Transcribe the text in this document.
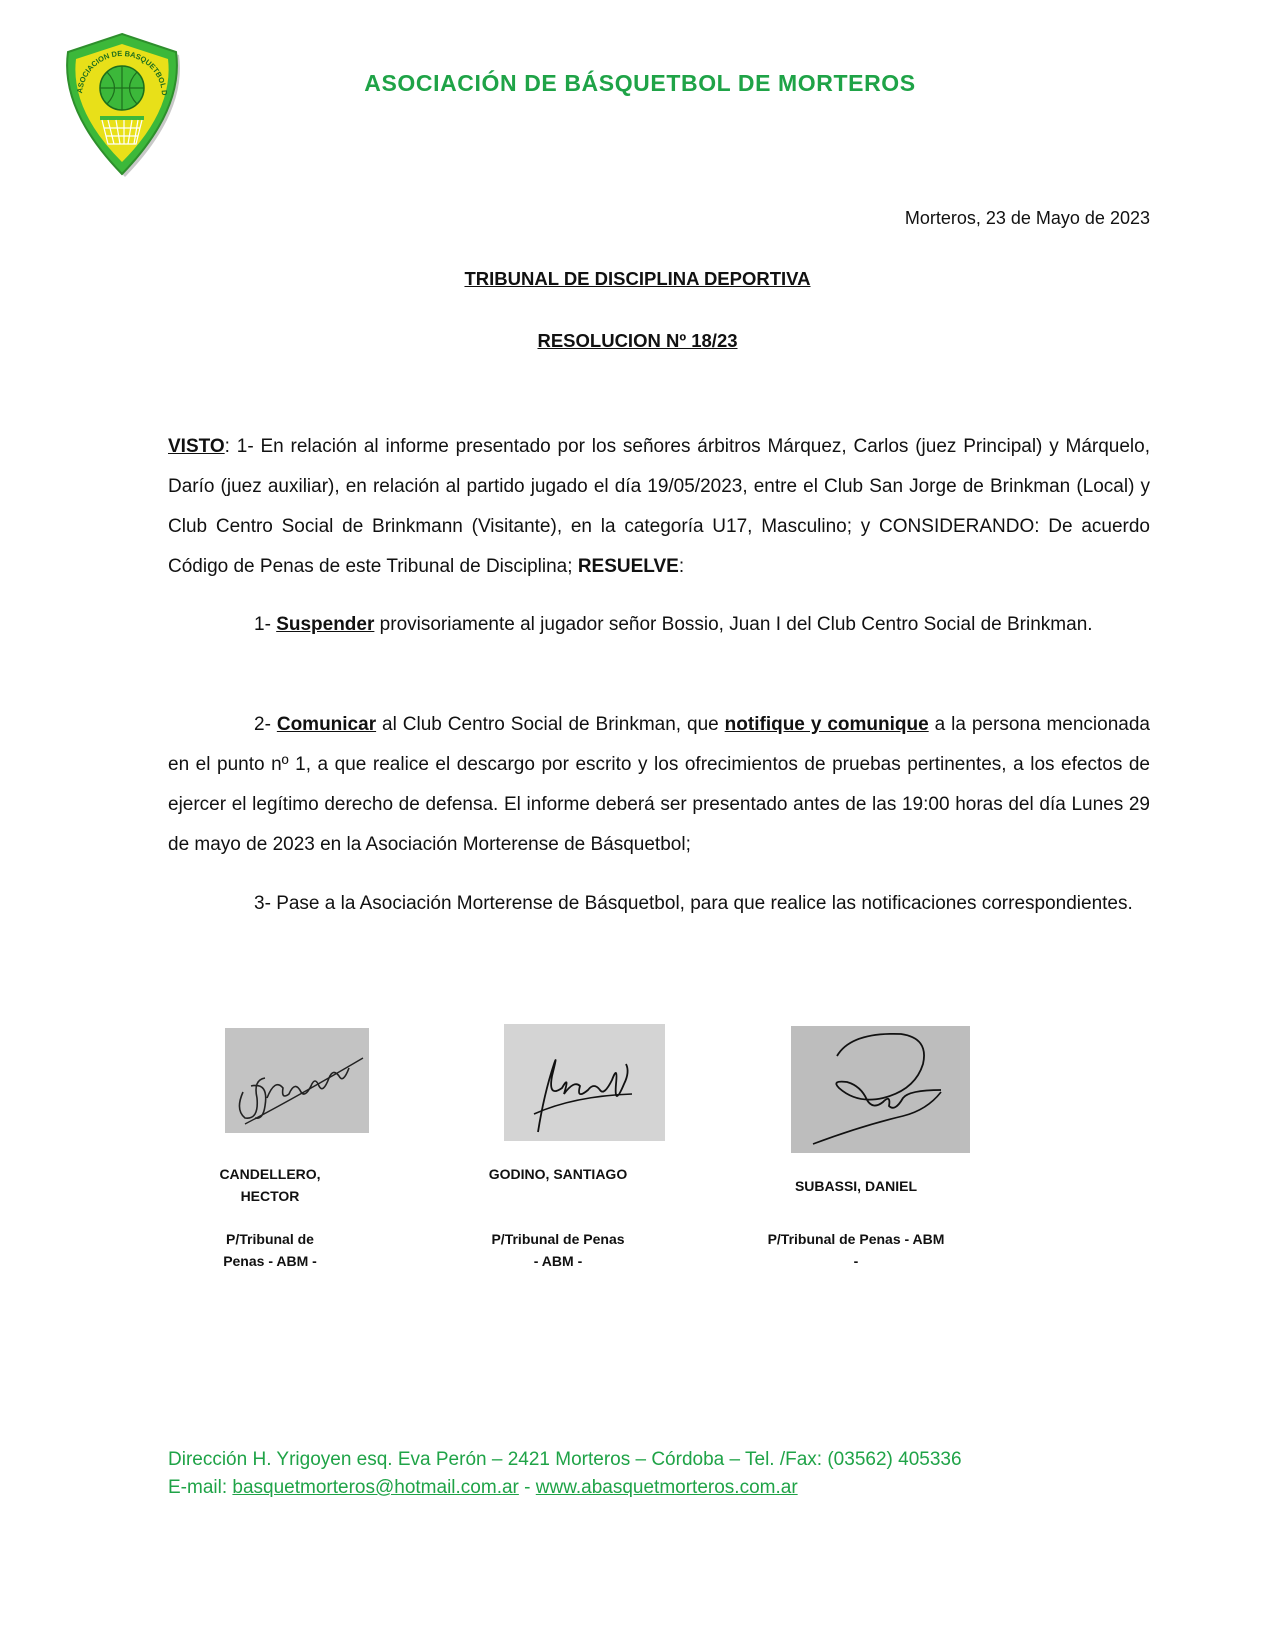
ASOCIACION DE BASQUETBOL D	ASOCIACIÓN DE BÁSQUETBOL DE MORTEROS
Morteros, 23 de Mayo de 2023
TRIBUNAL DE DISCIPLINA DEPORTIVA
RESOLUCION Nº 18/23

VISTO: 1- En relación al informe presentado por los señores árbitros Márquez, Carlos (juez Principal) y Márquelo, Darío (juez auxiliar), en relación al partido jugado el día 19/05/2023, entre el Club San Jorge de Brinkman (Local) y Club Centro Social de Brinkmann (Visitante), en la categoría U17, Masculino; y CONSIDERANDO: De acuerdo Código de Penas de este Tribunal de Disciplina; RESUELVE:

1- Suspender provisoriamente al jugador señor Bossio, Juan I del Club Centro Social de Brinkman.

2- Comunicar al Club Centro Social de Brinkman, que notifique y comunique a la persona mencionada en el punto nº 1, a que realice el descargo por escrito y los ofrecimientos de pruebas pertinentes, a los efectos de ejercer el legítimo derecho de defensa. El informe deberá ser presentado antes de las 19:00 horas del día Lunes 29 de mayo de 2023 en la Asociación Morterense de Básquetbol;

3- Pase a la Asociación Morterense de Básquetbol, para que realice las notificaciones correspondientes.

CANDELLERO, HECTOR
GODINO, SANTIAGO
SUBASSI, DANIEL
P/Tribunal de Penas - ABM -
P/Tribunal de Penas - ABM -
P/Tribunal de Penas - ABM -
Dirección H. Yrigoyen esq. Eva Perón – 2421 Morteros – Córdoba – Tel. /Fax: (03562) 405336
E-mail: basquetmorteros@hotmail.com.ar - www.abasquetmorteros.com.ar
